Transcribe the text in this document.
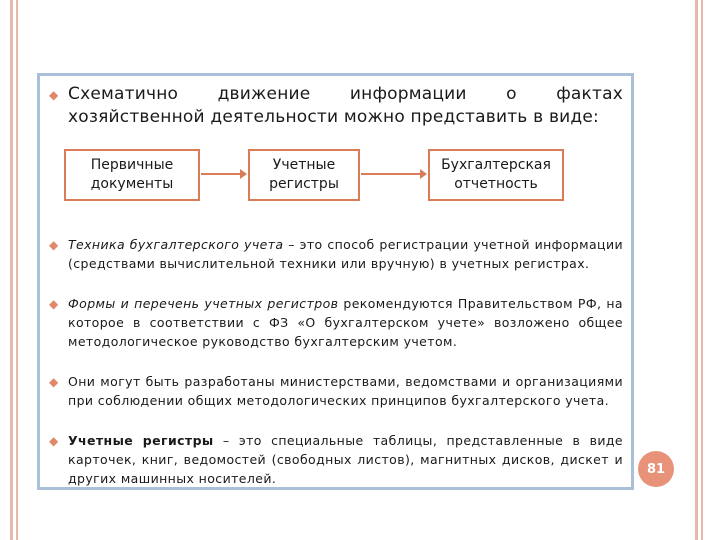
◆ Схематично движение информации о фактах хозяйственной деятельности можно представить в виде:
Первичные документы
Учетные регистры
Бухгалтерская отчетность
◆ Техника бухгалтерского учета – это способ регистрации учетной информации (средствами вычислительной техники или вручную) в учетных регистрах.
◆ Формы и перечень учетных регистров рекомендуются Правительством РФ, на которое в соответствии с ФЗ «О бухгалтерском учете» возложено общее методологическое руководство бухгалтерским учетом.
◆ Они могут быть разработаны министерствами, ведомствами и организациями при соблюдении общих методологических принципов бухгалтерского учета.
◆ Учетные регистры – это специальные таблицы, представленные в виде карточек, книг, ведомостей (свободных листов), магнитных дисков, дискет и других машинных носителей.
81
